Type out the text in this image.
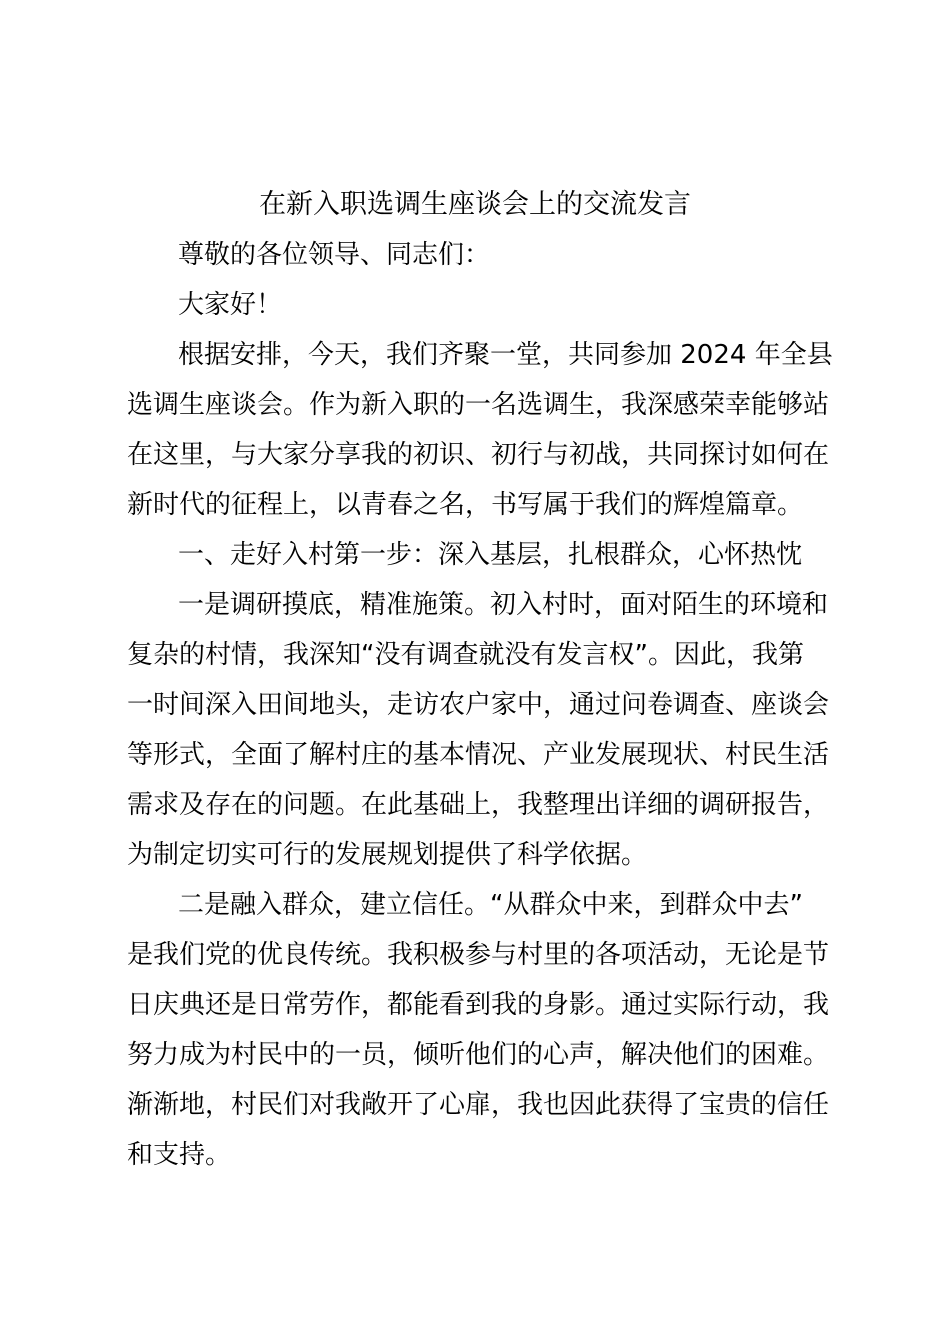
在新入职选调生座谈会上的交流发言
尊敬的各位领导、同志们：
大家好！
根据安排，今天，我们齐聚一堂，共同参加 2024 年全县
选调生座谈会。作为新入职的一名选调生，我深感荣幸能够站
在这里，与大家分享我的初识、初行与初战，共同探讨如何在
新时代的征程上，以青春之名，书写属于我们的辉煌篇章。
一、走好入村第一步：深入基层，扎根群众，心怀热忱
一是调研摸底，精准施策。初入村时，面对陌生的环境和
复杂的村情，我深知“没有调查就没有发言权”。因此，我第
一时间深入田间地头，走访农户家中，通过问卷调查、座谈会
等形式，全面了解村庄的基本情况、产业发展现状、村民生活
需求及存在的问题。在此基础上，我整理出详细的调研报告，
为制定切实可行的发展规划提供了科学依据。
二是融入群众，建立信任。“从群众中来，到群众中去”
是我们党的优良传统。我积极参与村里的各项活动，无论是节
日庆典还是日常劳作，都能看到我的身影。通过实际行动，我
努力成为村民中的一员，倾听他们的心声，解决他们的困难。
渐渐地，村民们对我敞开了心扉，我也因此获得了宝贵的信任
和支持。
